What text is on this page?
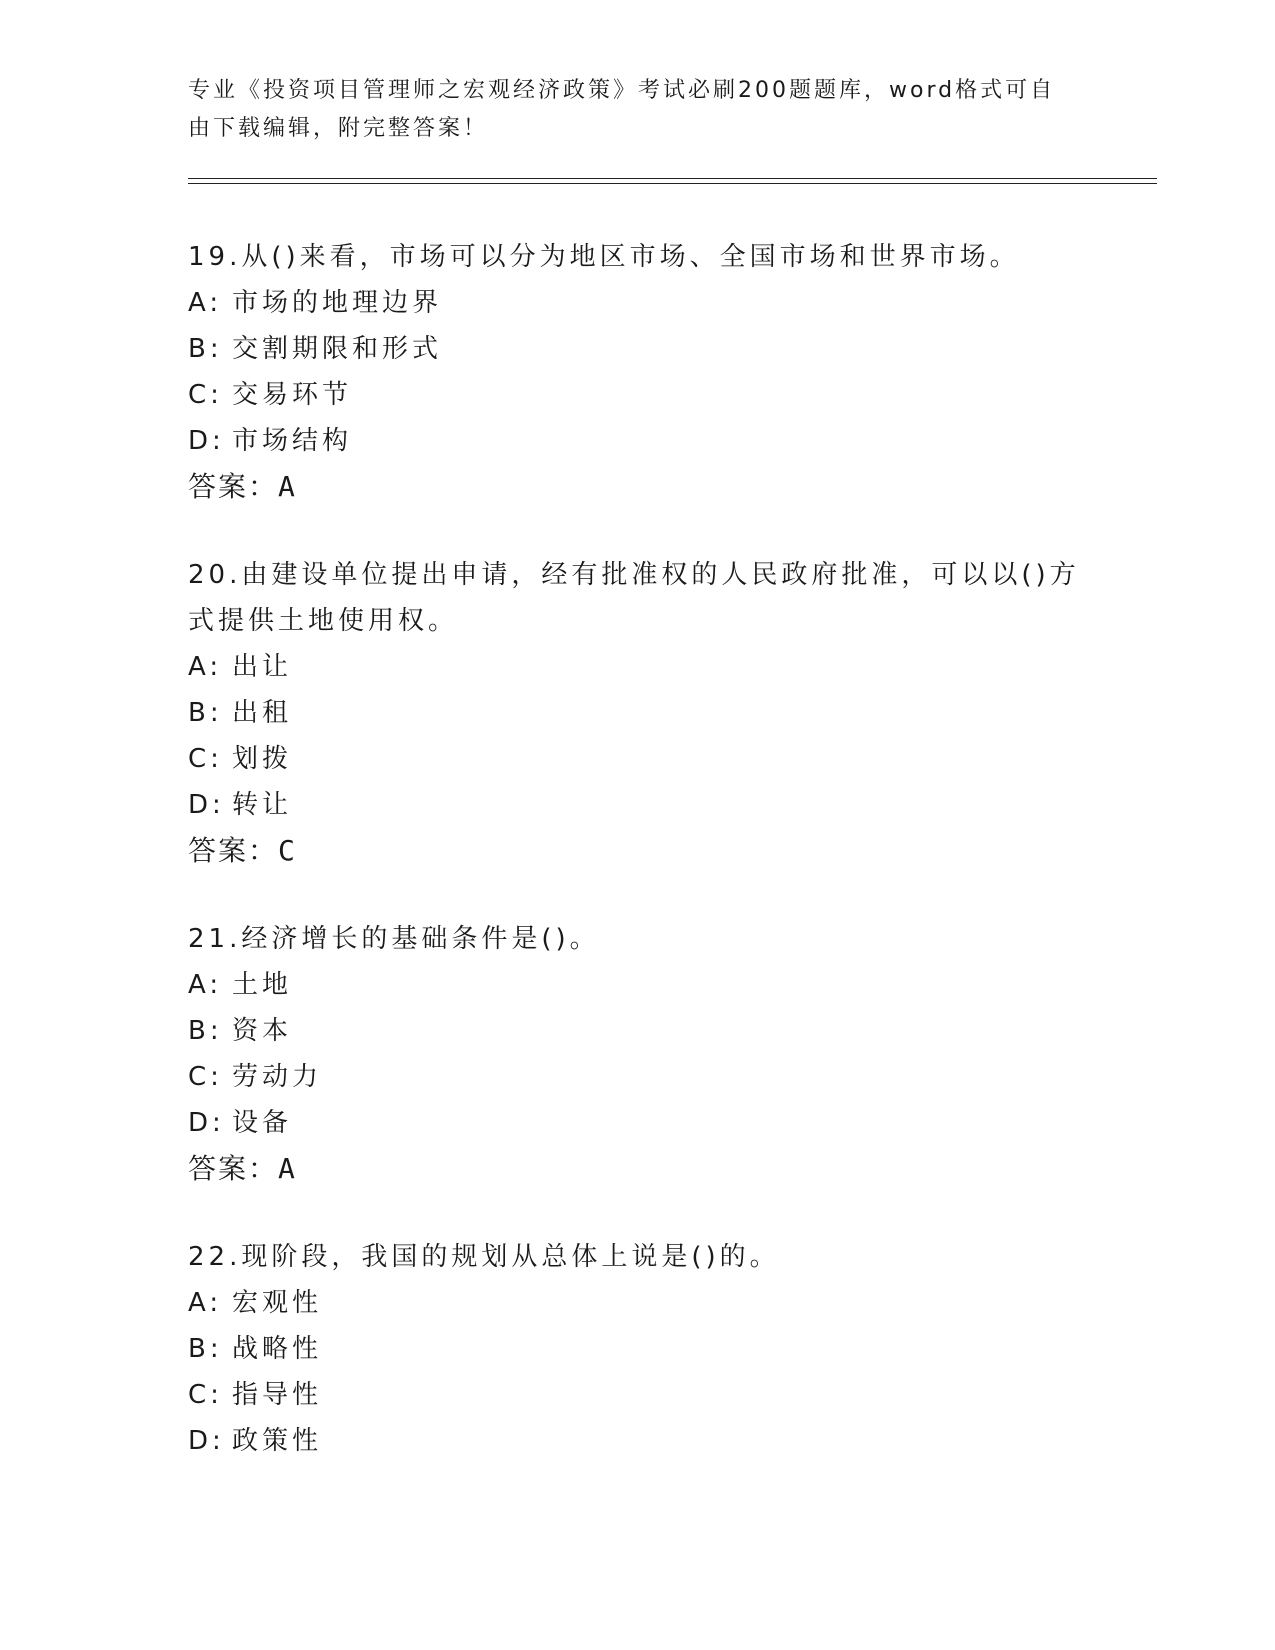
专业《投资项目管理师之宏观经济政策》考试必刷200题题库，word格式可自由下载编辑，附完整答案！

19.从()来看，市场可以分为地区市场、全国市场和世界市场。

A: 市场的地理边界
B: 交割期限和形式
C: 交易环节
D: 市场结构
答案：A

20.由建设单位提出申请，经有批准权的人民政府批准，可以以()方式提供土地使用权。

A: 出让
B: 出租
C: 划拨
D: 转让
答案：C

21.经济增长的基础条件是()。

A: 土地
B: 资本
C: 劳动力
D: 设备
答案：A

22.现阶段，我国的规划从总体上说是()的。

A: 宏观性
B: 战略性
C: 指导性
D: 政策性
